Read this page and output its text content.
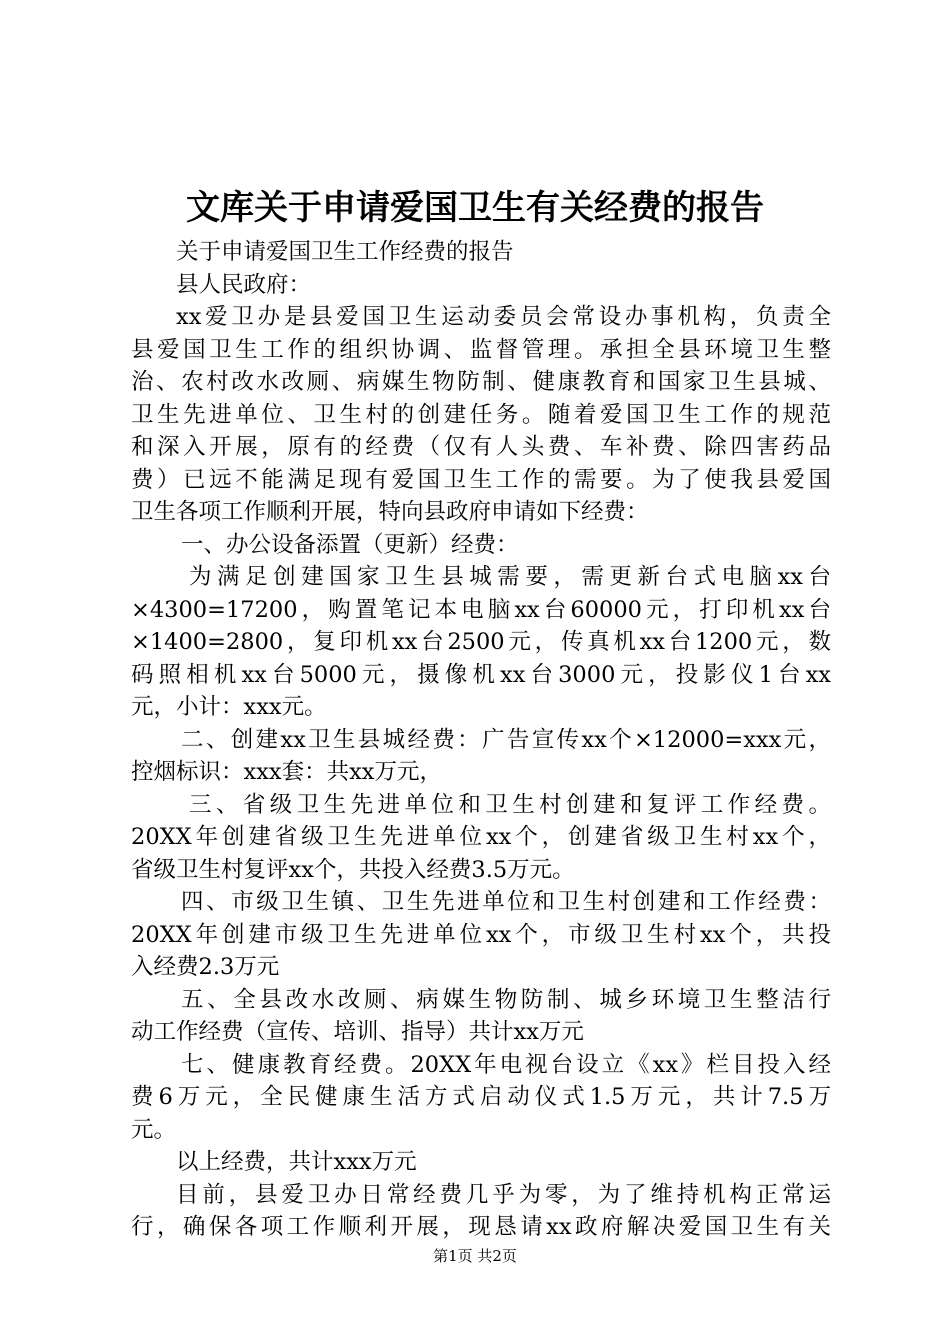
文库关于申请爱国卫生有关经费的报告
关于申请爱国卫生工作经费的报告
县人民政府：
xx爱卫办是县爱国卫生运动委员会常设办事机构，负责全
县爱国卫生工作的组织协调、监督管理。承担全县环境卫生整
治、农村改水改厕、病媒生物防制、健康教育和国家卫生县城、
卫生先进单位、卫生村的创建任务。随着爱国卫生工作的规范
和深入开展，原有的经费（仅有人头费、车补费、除四害药品
费）已远不能满足现有爱国卫生工作的需要。为了使我县爱国
卫生各项工作顺利开展，特向县政府申请如下经费：
一、办公设备添置（更新）经费：
为满足创建国家卫生县城需要，需更新台式电脑xx台
×4300=17200，购置笔记本电脑xx台60000元，打印机xx台
×1400=2800，复印机xx台2500元，传真机xx台1200元，数
码照相机xx台5000元，摄像机xx台3000元，投影仪1台xx
元，小计：xxx元。
二、创建xx卫生县城经费：广告宣传xx个×12000=xxx元，
控烟标识：xxx套：共xx万元，
三、省级卫生先进单位和卫生村创建和复评工作经费。
20XX年创建省级卫生先进单位xx个，创建省级卫生村xx个，
省级卫生村复评xx个，共投入经费3.5万元。
四、市级卫生镇、卫生先进单位和卫生村创建和工作经费：
20XX年创建市级卫生先进单位xx个，市级卫生村xx个，共投
入经费2.3万元
五、全县改水改厕、病媒生物防制、城乡环境卫生整洁行
动工作经费（宣传、培训、指导）共计xx万元
七、健康教育经费。20XX年电视台设立《xx》栏目投入经
费6万元，全民健康生活方式启动仪式1.5万元，共计7.5万
元。
以上经费，共计xxx万元
目前，县爱卫办日常经费几乎为零，为了维持机构正常运
行，确保各项工作顺利开展，现恳请xx政府解决爱国卫生有关
第1页 共2页
